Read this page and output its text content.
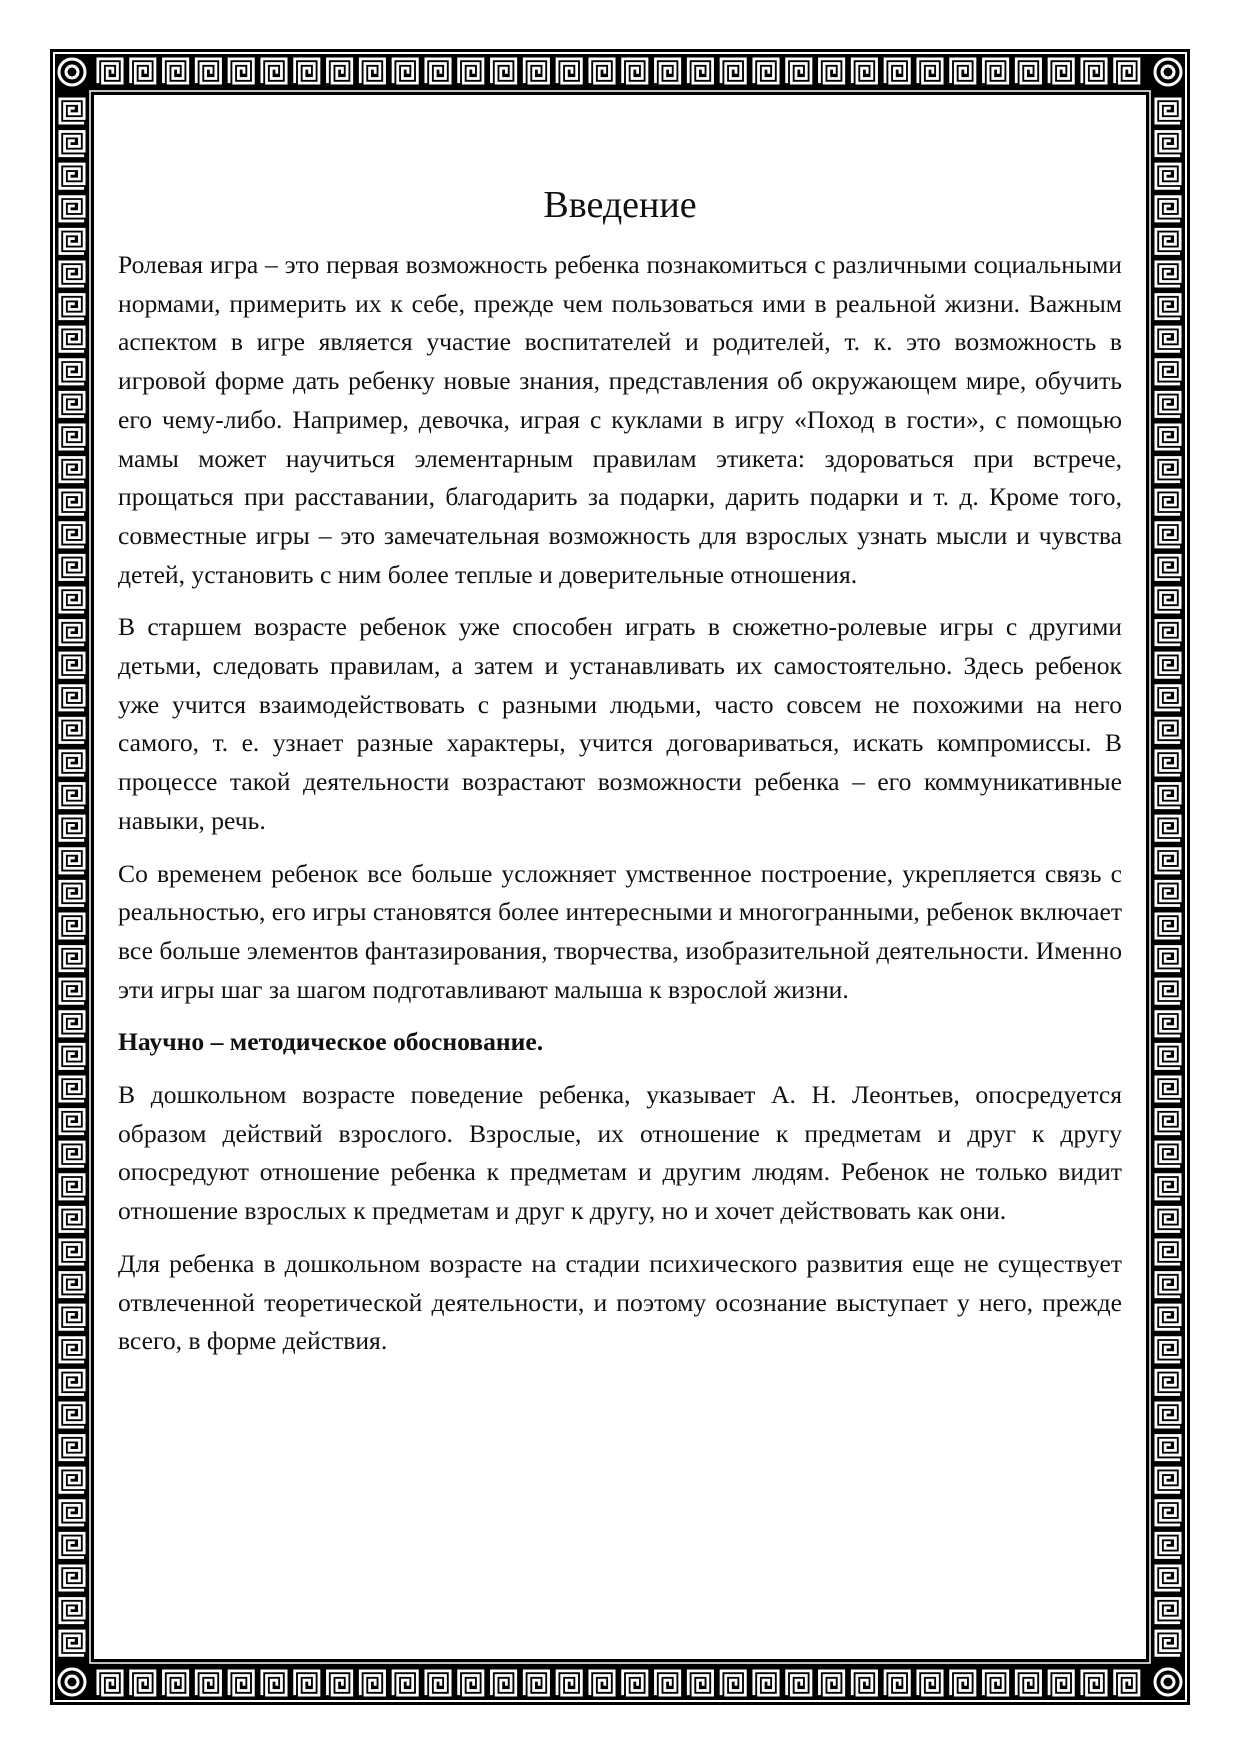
Введение

Ролевая игра – это первая возможность ребенка познакомиться с различными социальными нормами, примерить их к себе, прежде чем пользоваться ими в реальной жизни. Важным аспектом в игре является участие воспитателей и родителей, т. к. это возможность в игровой форме дать ребенку новые знания, представления об окружающем мире, обучить его чему-либо. Например, девочка, играя с куклами в игру «Поход в гости», с помощью мамы может научиться элементарным правилам этикета: здороваться при встрече, прощаться при расставании, благодарить за подарки, дарить подарки и т. д. Кроме того, совместные игры – это замечательная возможность для взрослых узнать мысли и чувства детей, установить с ним более теплые и доверительные отношения.

В старшем возрасте ребенок уже способен играть в сюжетно-ролевые игры с другими детьми, следовать правилам, а затем и устанавливать их самостоятельно. Здесь ребенок уже учится взаимодействовать с разными людьми, часто совсем не похожими на него самого, т. е. узнает разные характеры, учится договариваться, искать компромиссы. В процессе такой деятельности возрастают возможности ребенка – его коммуникативные навыки, речь.

Со временем ребенок все больше усложняет умственное построение, укрепляется связь с реальностью, его игры становятся более интересными и многогранными, ребенок включает все больше элементов фантазирования, творчества, изобразительной деятельности. Именно эти игры шаг за шагом подготавливают малыша к взрослой жизни.

Научно – методическое обоснование.

В дошкольном возрасте поведение ребенка, указывает А. Н. Леонтьев, опосредуется образом действий взрослого. Взрослые, их отношение к предметам и друг к другу опосредуют отношение ребенка к предметам и другим людям. Ребенок не только видит отношение взрослых к предметам и друг к другу, но и хочет действовать как они.

Для ребенка в дошкольном возрасте на стадии психического развития еще не существует отвлеченной теоретической деятельности, и поэтому осознание выступает у него, прежде всего, в форме действия.
